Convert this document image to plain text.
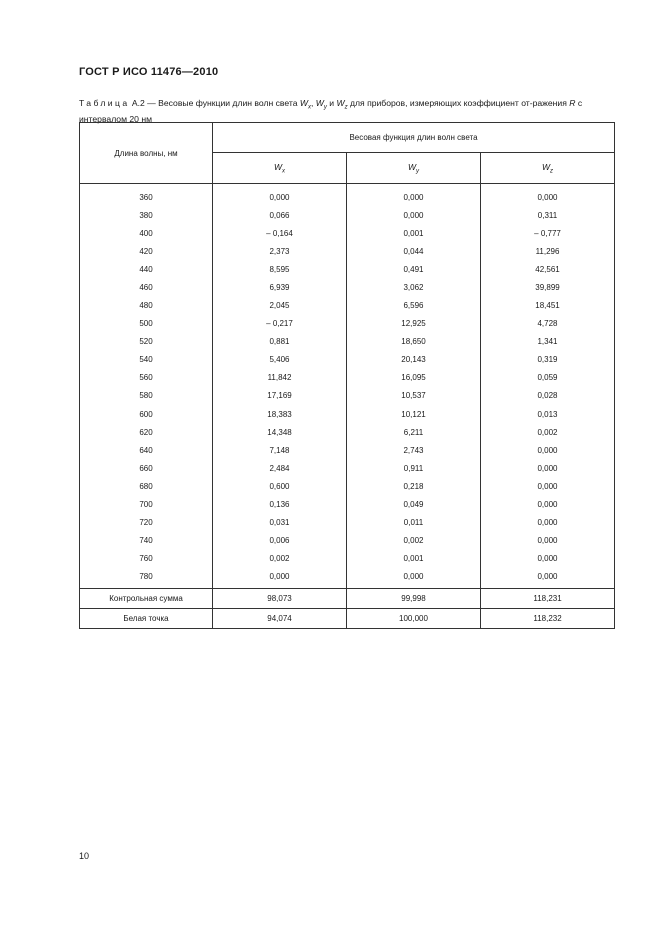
ГОСТ Р ИСО 11476—2010
Таблица А.2 — Весовые функции длин волн света $W_x$, $W_y$ и $W_z$ для приборов, измеряющих коэффициент от-ражения R с интервалом 20 нм
Длина волны, нм	Весовая функция длин волн света		
	$W_x$	$W_y$	$W_z$
360	0,000	0,000	0,000
380	0,066	0,000	0,311
400	– 0,164	0,001	– 0,777
420	2,373	0,044	11,296
440	8,595	0,491	42,561
460	6,939	3,062	39,899
480	2,045	6,596	18,451
500	– 0,217	12,925	4,728
520	0,881	18,650	1,341
540	5,406	20,143	0,319
560	11,842	16,095	0,059
580	17,169	10,537	0,028
600	18,383	10,121	0,013
620	14,348	6,211	0,002
640	7,148	2,743	0,000
660	2,484	0,911	0,000
680	0,600	0,218	0,000
700	0,136	0,049	0,000
720	0,031	0,011	0,000
740	0,006	0,002	0,000
760	0,002	0,001	0,000
780	0,000	0,000	0,000
Контрольная сумма	98,073	99,998	118,231
Белая точка	94,074	100,000	118,232
10
